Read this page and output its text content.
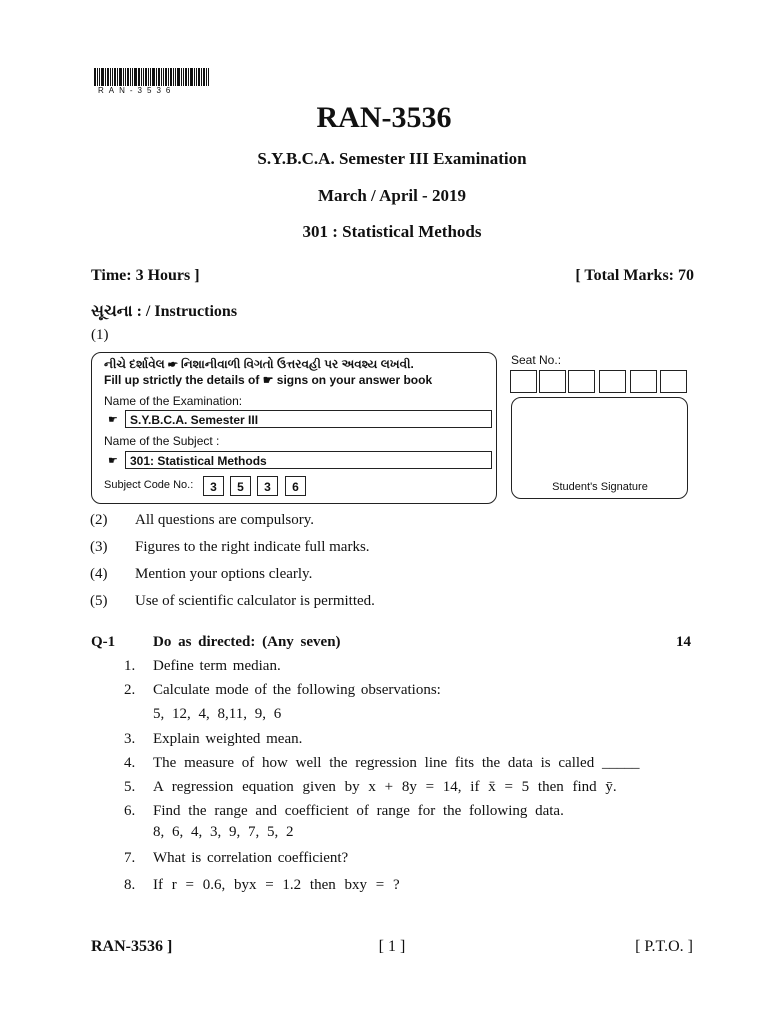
RAN-3536
RAN-3536
S.Y.B.C.A. Semester III Examination
March / April - 2019
301 : Statistical Methods
Time: 3 Hours ]	[ Total Marks: 70
સૂચના : / Instructions
(1)
નીચે દર્શાવેલ ☛ નિશાનીવાળી વિગતો ઉત્તરવહી પર અવશ્ય લખવી.
Fill up strictly the details of ☛ signs on your answer book
Name of the Examination:
☛	S.Y.B.C.A. Semester III
Name of the Subject :
☛	301: Statistical Methods
Subject Code No.:	3	5	3	6
Seat No.:
Student's Signature
(2) All questions are compulsory.
(3) Figures to the right indicate full marks.
(4) Mention your options clearly.
(5) Use of scientific calculator is permitted.
Q-1	Do as directed: (Any seven)	14
1. Define term median.
2. Calculate mode of the following observations:
5, 12, 4, 8,11, 9, 6
3. Explain weighted mean.
4. The measure of how well the regression line fits the data is called _____
5. A regression equation given by x + 8y = 14, if x̄ = 5 then find ȳ.
6. Find the range and coefficient of range for the following data.
8, 6, 4, 3, 9, 7, 5, 2
7. What is correlation coefficient?
8. If r = 0.6, byx = 1.2 then bxy = ?
RAN-3536 ]	[ 1 ]	[ P.T.O. ]
